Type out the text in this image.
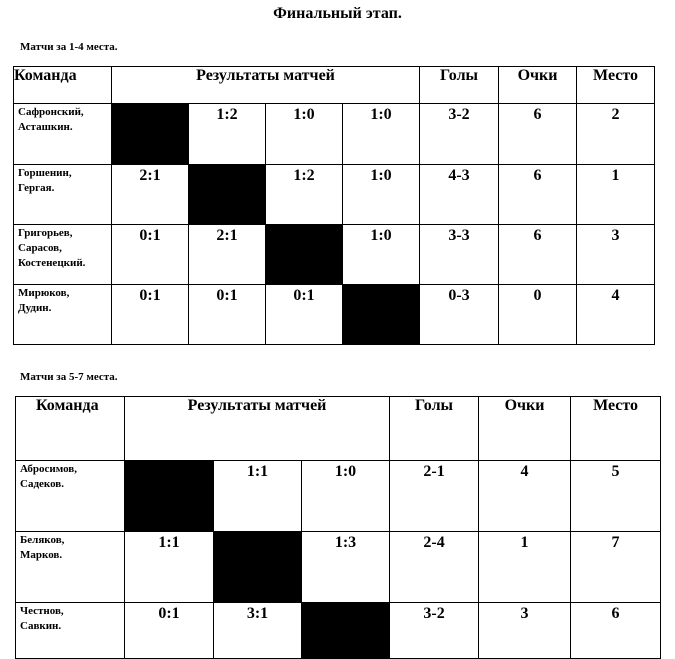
Финальный этап.
Матчи за 1-4 места.
Команда	Результаты матчей				Голы	Очки	Место

Сафронский,
Асташкин.		1:2	1:0	1:0	3-2	6	2

Горшенин,
Гергая.	2:1		1:2	1:0	4-3	6	1

Григорьев,
Сарасов,
Костенецкий.	0:1	2:1		1:0	3-3	6	3

Мирюков,
Дудин.	0:1	0:1	0:1		0-3	0	4
Матчи за 5-7 места.
Команда	Результаты матчей			Голы	Очки	Место

Абросимов,
Садеков.		1:1	1:0	2-1	4	5

Беляков,
Марков.	1:1		1:3	2-4	1	7

Честнов,
Савкин.	0:1	3:1		3-2	3	6
